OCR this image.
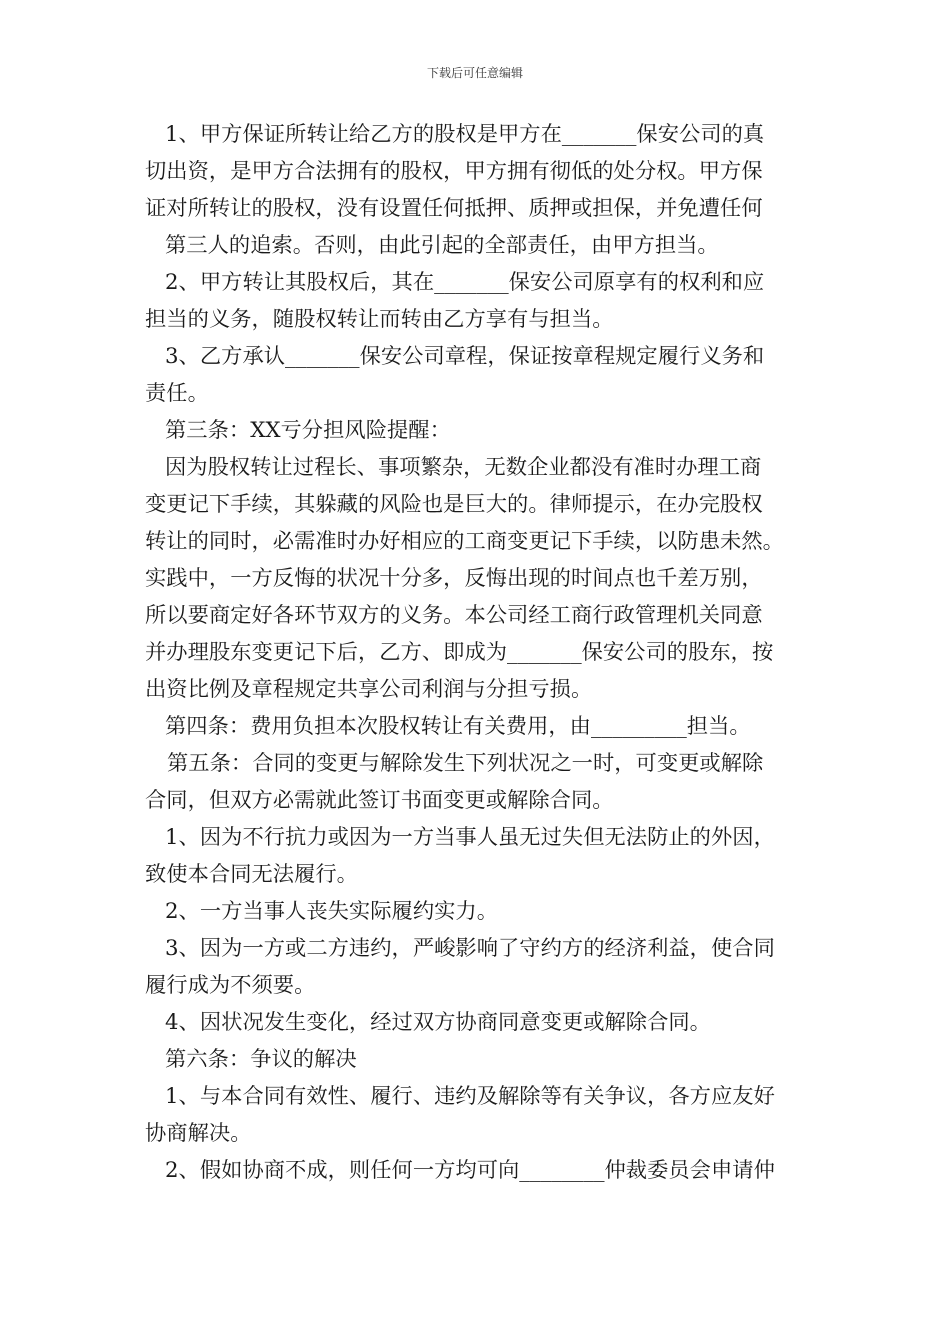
下载后可任意编辑
1、甲方保证所转让给乙方的股权是甲方在_______保安公司的真
切出资，是甲方合法拥有的股权，甲方拥有彻低的处分权。甲方保
证对所转让的股权，没有设置任何抵押、质押或担保，并免遭任何
第三人的追索。否则，由此引起的全部责任，由甲方担当。
2、甲方转让其股权后，其在_______保安公司原享有的权利和应
担当的义务，随股权转让而转由乙方享有与担当。
3、乙方承认_______保安公司章程，保证按章程规定履行义务和
责任。
第三条：XX亏分担风险提醒：
因为股权转让过程长、事项繁杂，无数企业都没有准时办理工商
变更记下手续，其躲藏的风险也是巨大的。律师提示，在办完股权
转让的同时，必需准时办好相应的工商变更记下手续，以防患未然。
实践中，一方反悔的状况十分多，反悔出现的时间点也千差万别，
所以要商定好各环节双方的义务。本公司经工商行政管理机关同意
并办理股东变更记下后，乙方、即成为_______保安公司的股东，按
出资比例及章程规定共享公司利润与分担亏损。
第四条：费用负担本次股权转让有关费用，由_________担当。
第五条：合同的变更与解除发生下列状况之一时，可变更或解除
合同，但双方必需就此签订书面变更或解除合同。
1、因为不行抗力或因为一方当事人虽无过失但无法防止的外因，
致使本合同无法履行。
2、一方当事人丧失实际履约实力。
3、因为一方或二方违约，严峻影响了守约方的经济利益，使合同
履行成为不须要。
4、因状况发生变化，经过双方协商同意变更或解除合同。
第六条：争议的解决
1、与本合同有效性、履行、违约及解除等有关争议，各方应友好
协商解决。
2、假如协商不成，则任何一方均可向________仲裁委员会申请仲
